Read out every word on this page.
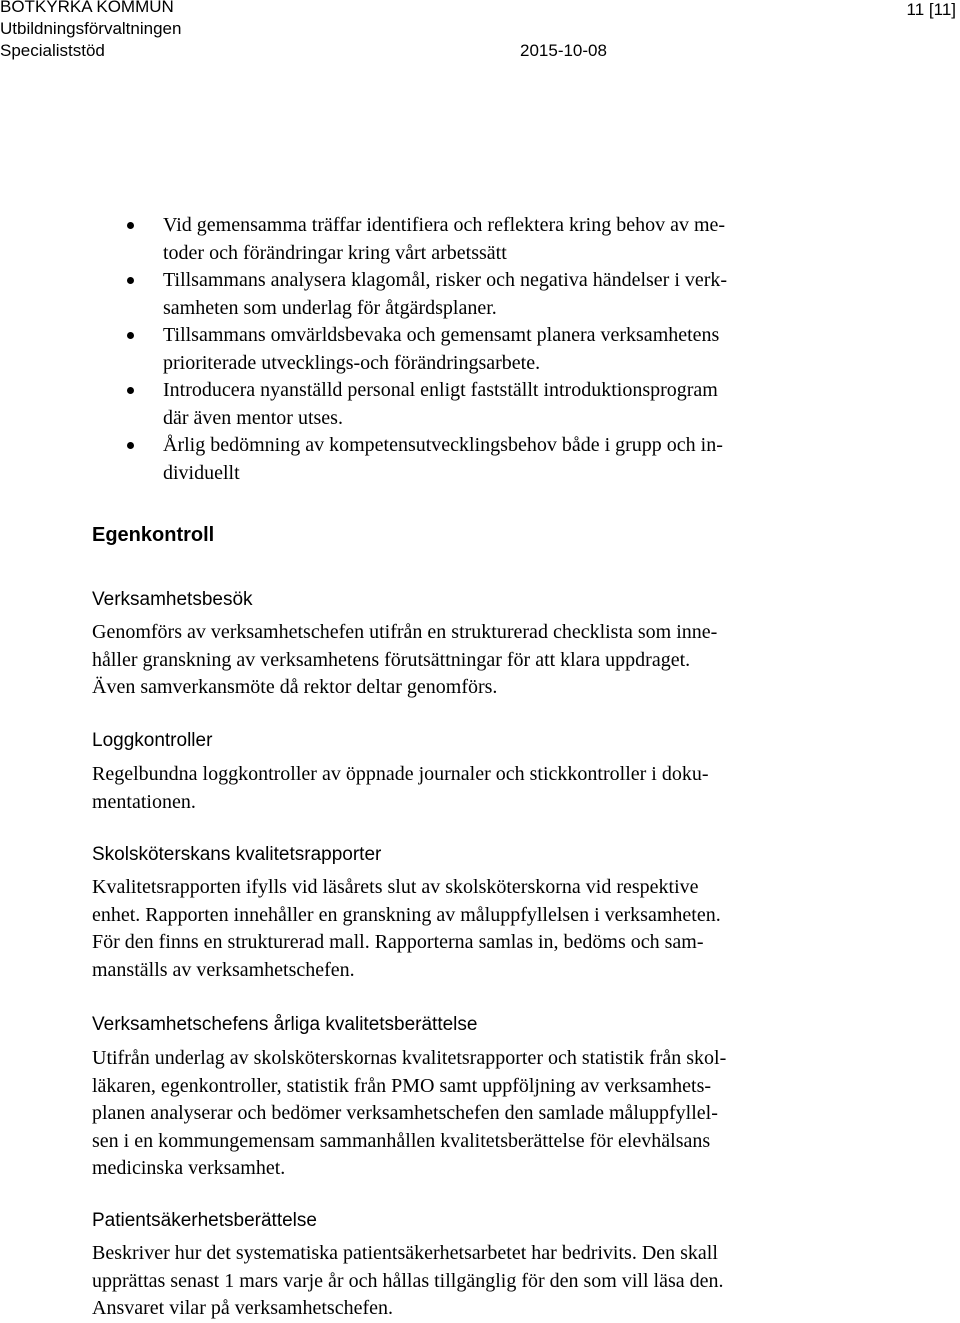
BOTKYRKA KOMMUN
Utbildningsförvaltningen
Specialiststöd	2015-10-08
11 [11]
Vid gemensamma träffar identifiera och reflektera kring behov av me-
toder och förändringar kring vårt arbetssätt
Tillsammans analysera klagomål, risker och negativa händelser i verk-
samheten som underlag för åtgärdsplaner.
Tillsammans omvärldsbevaka och gemensamt planera verksamhetens
prioriterade utvecklings-och förändringsarbete.
Introducera nyanställd personal enligt fastställt introduktionsprogram
där även mentor utses.
Årlig bedömning av kompetensutvecklingsbehov både i grupp och in-
dividuellt
Egenkontroll
Verksamhetsbesök
Genomförs av verksamhetschefen utifrån en strukturerad checklista som inne-
håller granskning av verksamhetens förutsättningar för att klara uppdraget.
Även samverkansmöte då rektor deltar genomförs.
Loggkontroller
Regelbundna loggkontroller av öppnade journaler och stickkontroller i doku-
mentationen.
Skolsköterskans kvalitetsrapporter
Kvalitetsrapporten ifylls vid läsårets slut av skolsköterskorna vid respektive
enhet. Rapporten innehåller en granskning av måluppfyllelsen i verksamheten.
För den finns en strukturerad mall. Rapporterna samlas in, bedöms och sam-
manställs av verksamhetschefen.
Verksamhetschefens årliga kvalitetsberättelse
Utifrån underlag av skolsköterskornas kvalitetsrapporter och statistik från skol-
läkaren, egenkontroller, statistik från PMO samt uppföljning av verksamhets-
planen analyserar och bedömer verksamhetschefen den samlade måluppfyllel-
sen i en kommungemensam sammanhållen kvalitetsberättelse för elevhälsans
medicinska verksamhet.
Patientsäkerhetsberättelse
Beskriver hur det systematiska patientsäkerhetsarbetet har bedrivits. Den skall
upprättas senast 1 mars varje år och hållas tillgänglig för den som vill läsa den.
Ansvaret vilar på verksamhetschefen.
